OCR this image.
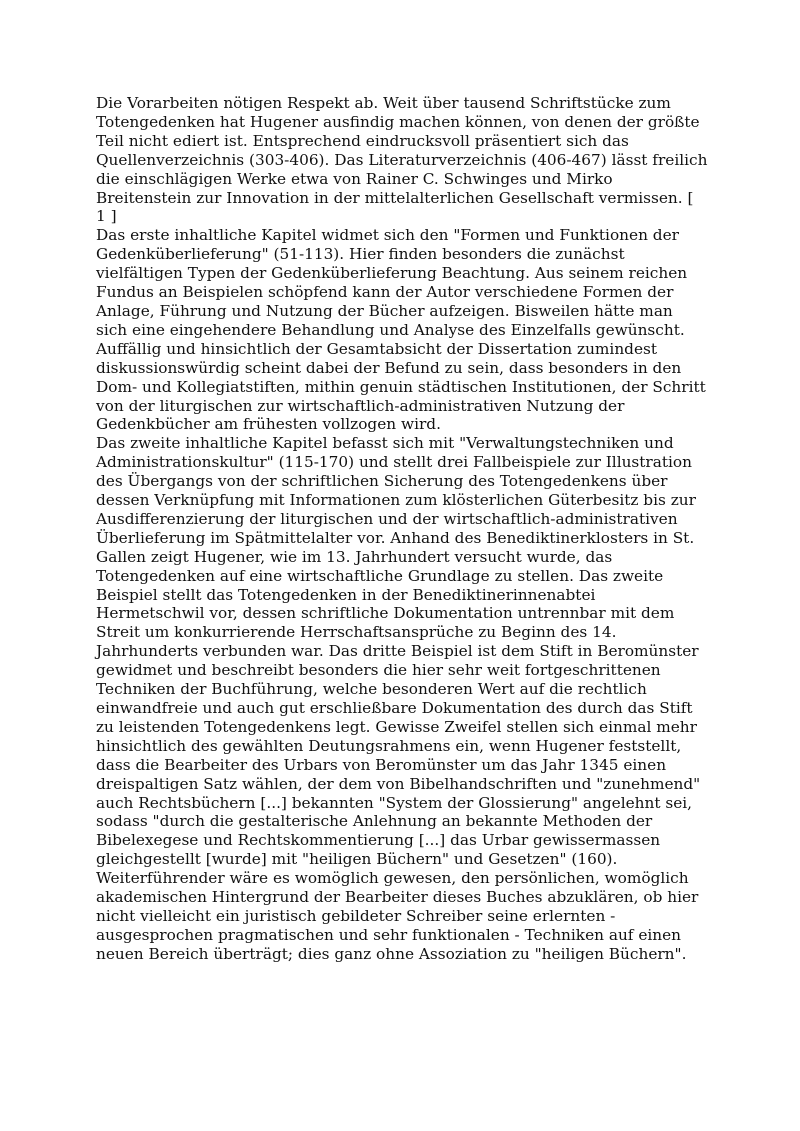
Die Vorarbeiten nötigen Respekt ab. Weit über tausend Schriftstücke zum Totengedenken hat Hugener ausfindig machen können, von denen der größte Teil nicht ediert ist. Entsprechend eindrucksvoll präsentiert sich das Quellenverzeichnis (303-406). Das Literaturverzeichnis (406-467) lässt freilich die einschlägigen Werke etwa von Rainer C. Schwinges und Mirko Breitenstein zur Innovation in der mittelalterlichen Gesellschaft vermissen. [ 1 ]

Das erste inhaltliche Kapitel widmet sich den "Formen und Funktionen der Gedenküberlieferung" (51-113). Hier finden besonders die zunächst vielfältigen Typen der Gedenküberlieferung Beachtung. Aus seinem reichen Fundus an Beispielen schöpfend kann der Autor verschiedene Formen der Anlage, Führung und Nutzung der Bücher aufzeigen. Bisweilen hätte man sich eine eingehendere Behandlung und Analyse des Einzelfalls gewünscht. Auffällig und hinsichtlich der Gesamtabsicht der Dissertation zumindest diskussionswürdig scheint dabei der Befund zu sein, dass besonders in den Dom- und Kollegiatstiften, mithin genuin städtischen Institutionen, der Schritt von der liturgischen zur wirtschaftlich-administrativen Nutzung der Gedenkbücher am frühesten vollzogen wird.

Das zweite inhaltliche Kapitel befasst sich mit "Verwaltungstechniken und Administrationskultur" (115-170) und stellt drei Fallbeispiele zur Illustration des Übergangs von der schriftlichen Sicherung des Totengedenkens über dessen Verknüpfung mit Informationen zum klösterlichen Güterbesitz bis zur Ausdifferenzierung der liturgischen und der wirtschaftlich-administrativen Überlieferung im Spätmittelalter vor. Anhand des Benediktinerklosters in St. Gallen zeigt Hugener, wie im 13. Jahrhundert versucht wurde, das Totengedenken auf eine wirtschaftliche Grundlage zu stellen. Das zweite Beispiel stellt das Totengedenken in der Benediktinerinnenabtei Hermetschwil vor, dessen schriftliche Dokumentation untrennbar mit dem Streit um konkurrierende Herrschaftsansprüche zu Beginn des 14. Jahrhunderts verbunden war. Das dritte Beispiel ist dem Stift in Beromünster gewidmet und beschreibt besonders die hier sehr weit fortgeschrittenen Techniken der Buchführung, welche besonderen Wert auf die rechtlich einwandfreie und auch gut erschließbare Dokumentation des durch das Stift zu leistenden Totengedenkens legt. Gewisse Zweifel stellen sich einmal mehr hinsichtlich des gewählten Deutungsrahmens ein, wenn Hugener feststellt, dass die Bearbeiter des Urbars von Beromünster um das Jahr 1345 einen dreispaltigen Satz wählen, der dem von Bibelhandschriften und "zunehmend" auch Rechtsbüchern [...] bekannten "System der Glossierung" angelehnt sei, sodass "durch die gestalterische Anlehnung an bekannte Methoden der Bibelexegese und Rechtskommentierung [...] das Urbar gewissermassen gleichgestellt [wurde] mit "heiligen Büchern" und Gesetzen" (160). Weiterführender wäre es womöglich gewesen, den persönlichen, womöglich akademischen Hintergrund der Bearbeiter dieses Buches abzuklären, ob hier nicht vielleicht ein juristisch gebildeter Schreiber seine erlernten - ausgesprochen pragmatischen und sehr funktionalen - Techniken auf einen neuen Bereich überträgt; dies ganz ohne Assoziation zu "heiligen Büchern".
